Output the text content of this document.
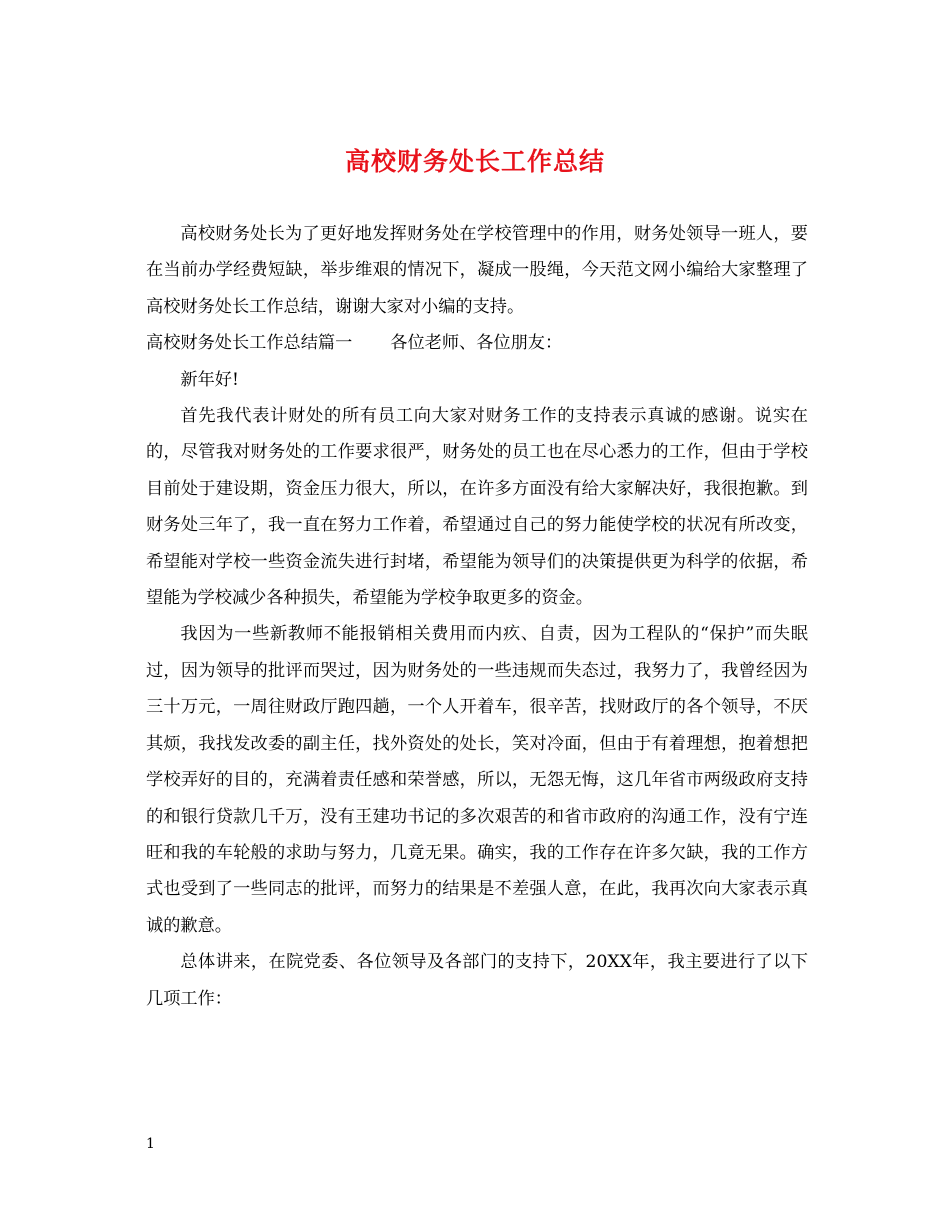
高校财务处长工作总结

高校财务处长为了更好地发挥财务处在学校管理中的作用，财务处领导一班人，要在当前办学经费短缺，举步维艰的情况下，凝成一股绳，今天范文网小编给大家整理了高校财务处长工作总结，谢谢大家对小编的支持。

高校财务处长工作总结篇一 各位老师、各位朋友：

新年好!

首先我代表计财处的所有员工向大家对财务工作的支持表示真诚的感谢。说实在的，尽管我对财务处的工作要求很严，财务处的员工也在尽心悉力的工作，但由于学校目前处于建设期，资金压力很大，所以，在许多方面没有给大家解决好，我很抱歉。到财务处三年了，我一直在努力工作着，希望通过自己的努力能使学校的状况有所改变，希望能对学校一些资金流失进行封堵，希望能为领导们的决策提供更为科学的依据，希望能为学校减少各种损失，希望能为学校争取更多的资金。

我因为一些新教师不能报销相关费用而内疚、自责，因为工程队的“保护”而失眠过，因为领导的批评而哭过，因为财务处的一些违规而失态过，我努力了，我曾经因为三十万元，一周往财政厅跑四趟，一个人开着车，很辛苦，找财政厅的各个领导，不厌其烦，我找发改委的副主任，找外资处的处长，笑对冷面，但由于有着理想，抱着想把学校弄好的目的，充满着责任感和荣誉感，所以，无怨无悔，这几年省市两级政府支持的和银行贷款几千万，没有王建功书记的多次艰苦的和省市政府的沟通工作，没有宁连旺和我的车轮般的求助与努力，几竟无果。确实，我的工作存在许多欠缺，我的工作方式也受到了一些同志的批评，而努力的结果是不差强人意，在此，我再次向大家表示真诚的歉意。

总体讲来，在院党委、各位领导及各部门的支持下，20XX年，我主要进行了以下几项工作：

1
